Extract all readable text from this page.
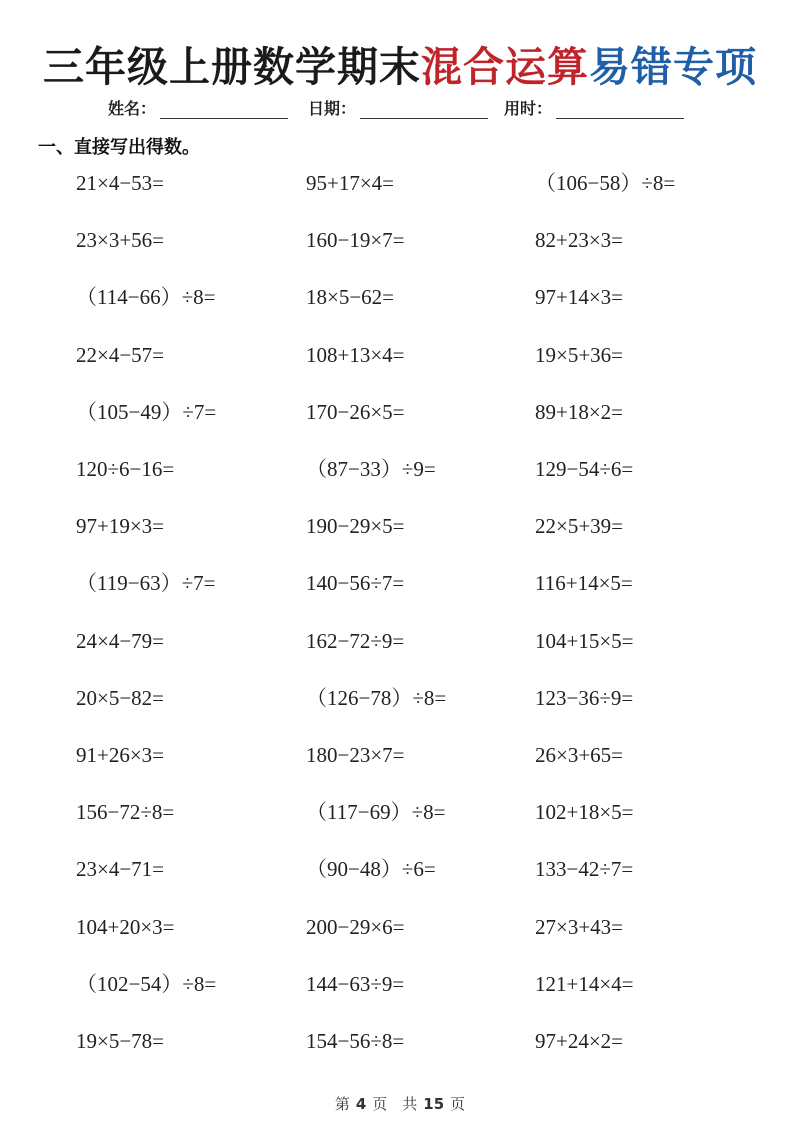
三年级上册数学期末混合运算易错专项
姓名：	日期：	用时：
一、直接写出得数。
21×4−53=
23×3+56=
（114−66）÷8=
22×4−57=
（105−49）÷7=
120÷6−16=
97+19×3=
（119−63）÷7=
24×4−79=
20×5−82=
91+26×3=
156−72÷8=
23×4−71=
104+20×3=
（102−54）÷8=
19×5−78=
95+17×4=
160−19×7=
18×5−62=
108+13×4=
170−26×5=
（87−33）÷9=
190−29×5=
140−56÷7=
162−72÷9=
（126−78）÷8=
180−23×7=
（117−69）÷8=
（90−48）÷6=
200−29×6=
144−63÷9=
154−56÷8=
（106−58）÷8=
82+23×3=
97+14×3=
19×5+36=
89+18×2=
129−54÷6=
22×5+39=
116+14×5=
104+15×5=
123−36÷9=
26×3+65=
102+18×5=
133−42÷7=
27×3+43=
121+14×4=
97+24×2=
第 4 页　共 15 页
